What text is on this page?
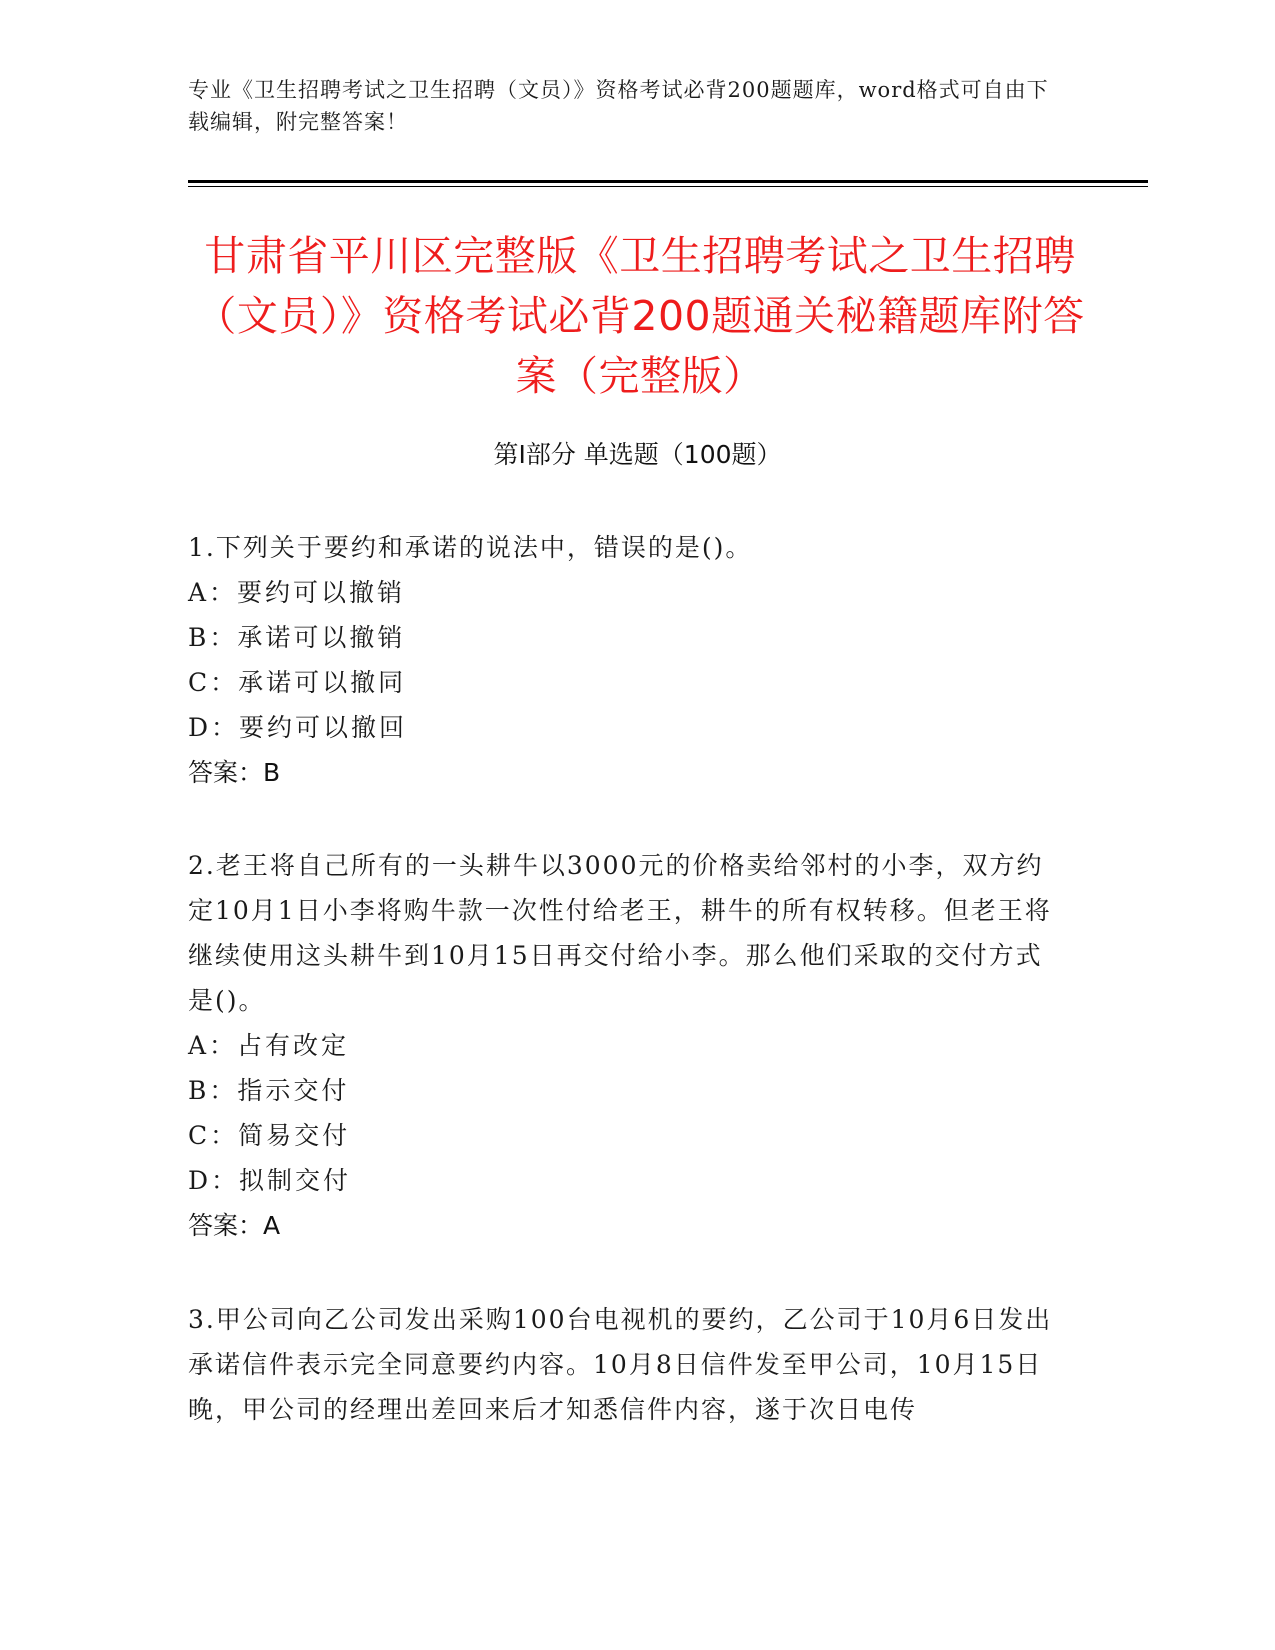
专业《卫生招聘考试之卫生招聘（文员）》资格考试必背200题题库，word格式可自由下载编辑，附完整答案！
甘肃省平川区完整版《卫生招聘考试之卫生招聘（文员）》资格考试必背200题通关秘籍题库附答案（完整版）
第Ⅰ部分 单选题（100题）
1.下列关于要约和承诺的说法中，错误的是()。
A：要约可以撤销
B：承诺可以撤销
C：承诺可以撤同
D：要约可以撤回
答案：B
2.老王将自己所有的一头耕牛以3000元的价格卖给邻村的小李，双方约定10月1日小李将购牛款一次性付给老王，耕牛的所有权转移。但老王将继续使用这头耕牛到10月15日再交付给小李。那么他们采取的交付方式是()。
A：占有改定
B：指示交付
C：简易交付
D：拟制交付
答案：A
3.甲公司向乙公司发出采购100台电视机的要约，乙公司于10月6日发出承诺信件表示完全同意要约内容。10月8日信件发至甲公司，10月15日晚，甲公司的经理出差回来后才知悉信件内容，遂于次日电传
